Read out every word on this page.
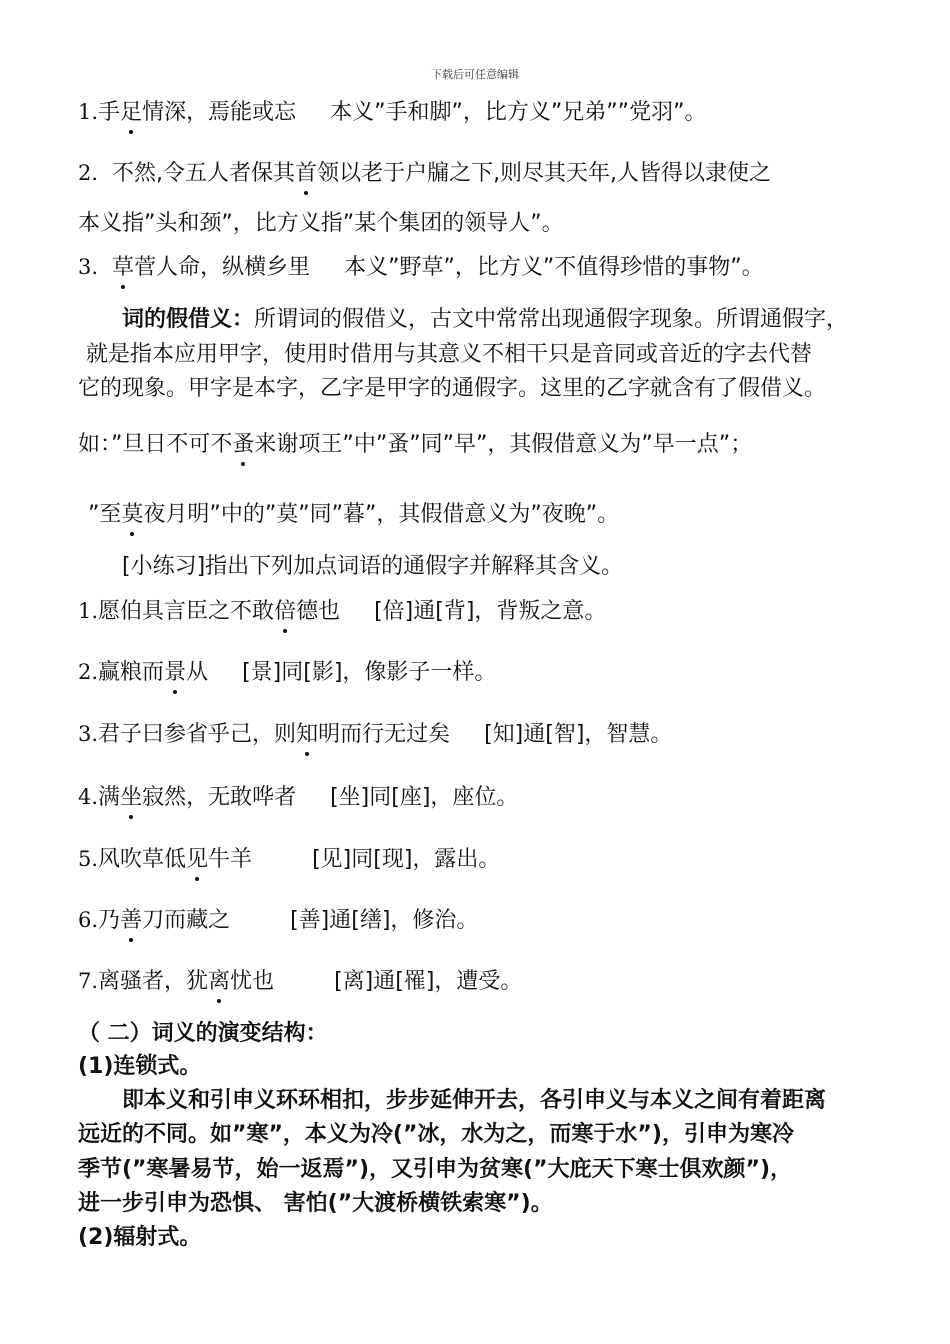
下载后可任意编辑
1.手足情深，焉能或忘 本义”手和脚”，比方义”兄弟””党羽”。
2. 不然,令五人者保其首领以老于户牖之下,则尽其天年,人皆得以隶使之
本义指”头和颈”，比方义指”某个集团的领导人”。
3. 草菅人命，纵横乡里 本义”野草”，比方义”不值得珍惜的事物”。
词的假借义：所谓词的假借义，古文中常常出现通假字现象。所谓通假字，
就是指本应用甲字，使用时借用与其意义不相干只是音同或音近的字去代替
它的现象。甲字是本字，乙字是甲字的通假字。这里的乙字就含有了假借义。
如：”旦日不可不蚤来谢项王”中”蚤”同”早”，其假借意义为”早一点”；
”至莫夜月明”中的”莫”同”暮”，其假借意义为”夜晚”。
[小练习]指出下列加点词语的通假字并解释其含义。
1.愿伯具言臣之不敢倍德也 [倍]通[背]，背叛之意。
2.赢粮而景从 [景]同[影]，像影子一样。
3.君子曰参省乎己，则知明而行无过矣 [知]通[智]，智慧。
4.满坐寂然，无敢哗者 [坐]同[座]，座位。
5.风吹草低见牛羊	[见]同[现]，露出。
6.乃善刀而藏之	[善]通[缮]，修治。
7.离骚者，犹离忧也	[离]通[罹]，遭受。
（ 二）词义的演变结构：
(1)连锁式。
即本义和引申义环环相扣，步步延伸开去，各引申义与本义之间有着距离
远近的不同。如”寒”，本义为冷(”冰，水为之，而寒于水”)，引申为寒冷
季节(”寒暑易节，始一返焉”)，又引申为贫寒(”大庇天下寒士俱欢颜”)，
进一步引申为恐惧、 害怕(”大渡桥横铁索寒”)。
(2)辐射式。
